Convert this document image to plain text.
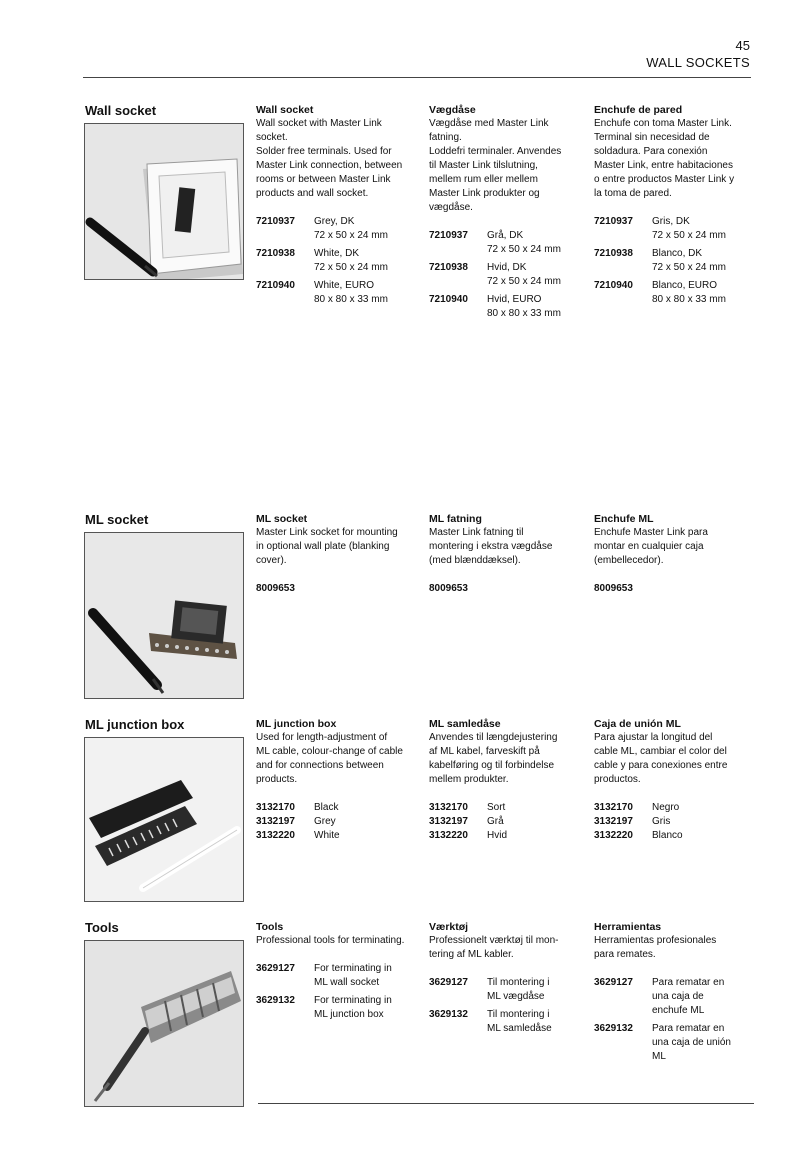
45
WALL SOCKETS
Wall socket	Wall socket

Wall socket with Master Link

socket.

Solder free terminals. Used for

Master Link connection, between

rooms or between Master Link

products and wall socket.

7210937	Grey, DK
72 x 50 x 24 mm
7210938	White, DK
72 x 50 x 24 mm
7210940	White, EURO
80 x 80 x 33 mm
Vægdåse

Vægdåse med Master Link

fatning.

Loddefri terminaler. Anvendes

til Master Link tilslutning,

mellem rum eller mellem

Master Link produkter og

vægdåse.

7210937	Grå, DK
72 x 50 x 24 mm
7210938	Hvid, DK
72 x 50 x 24 mm
7210940	Hvid, EURO
80 x 80 x 33 mm
Enchufe de pared

Enchufe con toma Master Link.

Terminal sin necesidad de

soldadura. Para conexión

Master Link, entre habitaciones

o entre productos Master Link y

la toma de pared.

7210937	Gris, DK
72 x 50 x 24 mm
7210938	Blanco, DK
72 x 50 x 24 mm
7210940	Blanco, EURO
80 x 80 x 33 mm
ML socket	ML socket

Master Link socket for mounting

in optional wall plate (blanking

cover).

8009653
ML fatning

Master Link fatning til

montering i ekstra vægdåse

(med blænddæksel).

8009653
Enchufe ML

Enchufe Master Link para

montar en cualquier caja

(embellecedor).

8009653
ML junction box	ML junction box

Used for length-adjustment of

ML cable, colour-change of cable

and for connections between

products.

3132170	Black
3132197	Grey
3132220	White
ML samledåse

Anvendes til længdejustering

af ML kabel, farveskift på

kabelføring og til forbindelse

mellem produkter.

3132170	Sort
3132197	Grå
3132220	Hvid
Caja de unión ML

Para ajustar la longitud del

cable ML, cambiar el color del

cable y para conexiones entre

productos.

3132170	Negro
3132197	Gris
3132220	Blanco
Tools	Tools

Professional tools for terminating.

3629127	For terminating in
ML wall socket
3629132	For terminating in
ML junction box
Værktøj

Professionelt værktøj til mon-

tering af ML kabler.

3629127	Til montering i
ML vægdåse
3629132	Til montering i
ML samledåse
Herramientas

Herramientas profesionales

para remates.

3629127	Para rematar en
una caja de
enchufe ML
3629132	Para rematar en
una caja de unión
ML
